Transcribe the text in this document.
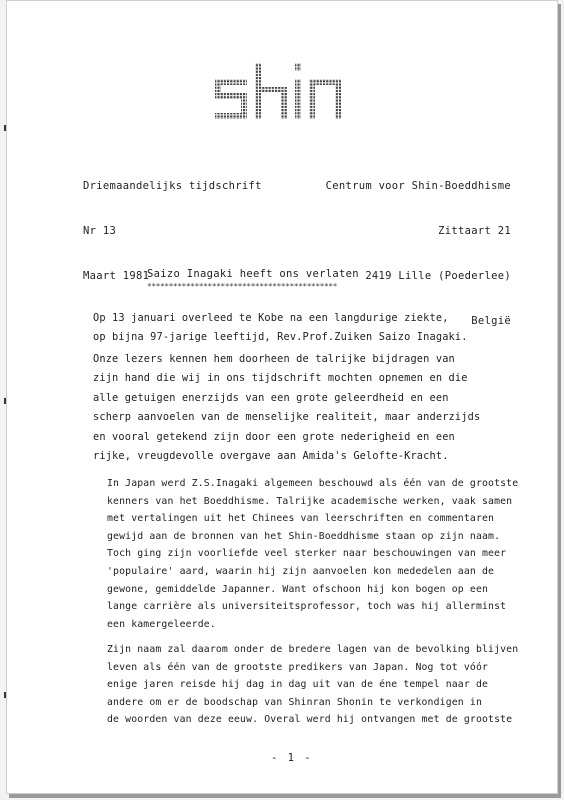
Driemaandelijks tijdschrift

Nr 13

Maart 1981

Centrum voor Shin-Boeddhisme

Zittaart 21

2419 Lille (Poederlee)

België

Saizo Inagaki heeft ons verlaten
********************************************
Op 13 januari overleed te Kobe na een langdurige ziekte,
op bijna 97-jarige leeftijd, Rev.Prof.Zuiken Saizo Inagaki.
Onze lezers kennen hem doorheen de talrijke bijdragen van
zijn hand die wij in ons tijdschrift mochten opnemen en die
alle getuigen enerzijds van een grote geleerdheid en een
scherp aanvoelen van de menselijke realiteit, maar anderzijds
en vooral getekend zijn door een grote nederigheid en een
rijke, vreugdevolle overgave aan Amida's Gelofte-Kracht.
In Japan werd Z.S.Inagaki algemeen beschouwd als één van de grootste
kenners van het Boeddhisme. Talrijke academische werken, vaak samen
met vertalingen uit het Chinees van leerschriften en commentaren
gewijd aan de bronnen van het Shin-Boeddhisme staan op zijn naam.
Toch ging zijn voorliefde veel sterker naar beschouwingen van meer
'populaire' aard, waarin hij zijn aanvoelen kon mededelen aan de
gewone, gemiddelde Japanner. Want ofschoon hij kon bogen op een
lange carrière als universiteitsprofessor, toch was hij allerminst
een kamergeleerde.
Zijn naam zal daarom onder de bredere lagen van de bevolking blijven
leven als één van de grootste predikers van Japan. Nog tot vóór
enige jaren reisde hij dag in dag uit van de éne tempel naar de
andere om er de boodschap van Shinran Shonin te verkondigen in
de woorden van deze eeuw. Overal werd hij ontvangen met de grootste
- 1 -
